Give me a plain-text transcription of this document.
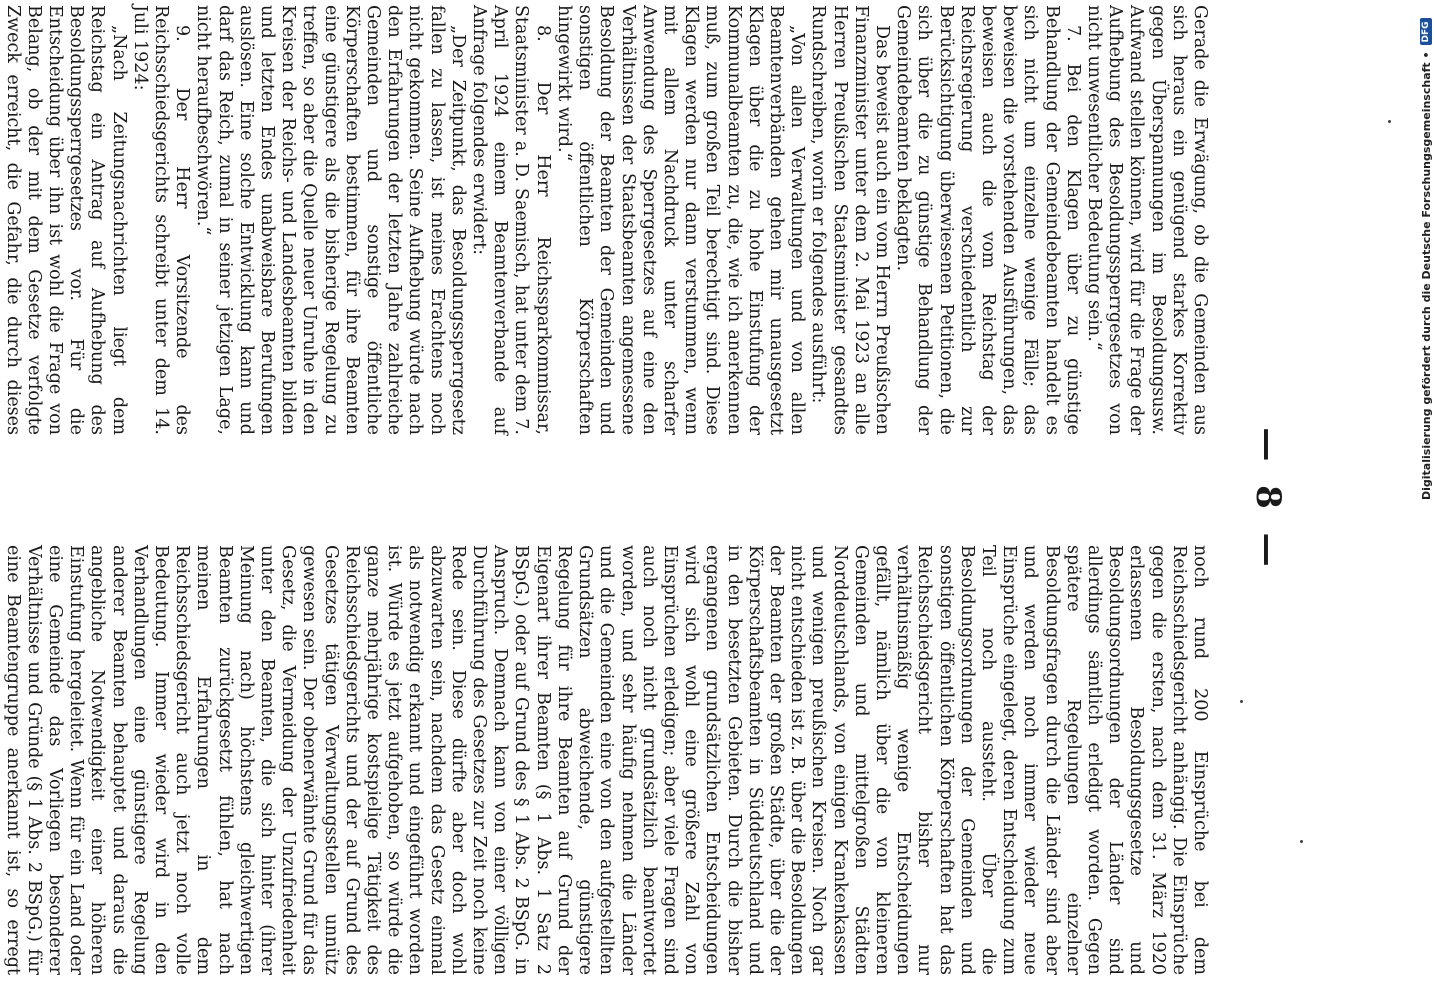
— 8 —

Gerade die Erwägung, ob die Gemeinden aus sich heraus ein genügend starkes Korrektiv gegen Überspannungen im Besoldungsusw. Aufwand stellen können, wird für die Frage der Aufhebung des Besoldungssperrgesetzes von nicht unwesentlicher Bedeutung sein.“

7. Bei den Klagen über zu günstige Behandlung der Gemeindebeamten handelt es sich nicht um einzelne wenige Fälle; das beweisen die vorstehenden Ausführungen, das beweisen auch die vom Reichstag der Reichsregierung verschiedentlich zur Berücksichtigung überwiesenen Petitionen, die sich über die zu günstige Behandlung der Gemeindebeamten beklagten.

Das beweist auch ein vom Herrn Preußischen Finanzminister unter dem 2. Mai 1923 an alle Herren Preußischen Staatsminister gesandtes Rundschreiben, worin er folgendes ausführt:

„Von allen Verwaltungen und von allen Beamtenverbänden gehen mir unausgesetzt Klagen über die zu hohe Einstufung der Kommunalbeamten zu, die, wie ich anerkennen muß, zum großen Teil berechtigt sind. Diese Klagen werden nur dann verstummen, wenn mit allem Nachdruck unter scharfer Anwendung des Sperrgesetzes auf eine den Verhältnissen der Staatsbeamten angemessene Besoldung der Beamten der Gemeinden und sonstigen öffentlichen Körperschaften hingewirkt wird.“

8. Der Herr Reichssparkommissar, Staatsminister a. D. Saemisch, hat unter dem 7. April 1924 einem Beamtenverbande auf Anfrage folgendes erwidert:

„Der Zeitpunkt, das Besoldungssperrgesetz fallen zu lassen, ist meines Erachtens noch nicht gekommen. Seine Aufhebung würde nach den Erfahrungen der letzten Jahre zahlreiche Gemeinden und sonstige öffentliche Körperschaften bestimmen, für ihre Beamten eine günstigere als die bisherige Regelung zu treffen, so aber die Quelle neuer Unruhe in den Kreisen der Reichs- und Landesbeamten bilden und letzten Endes unabweisbare Berufungen auslösen. Eine solche Entwicklung kann und darf das Reich, zumal in seiner jetzigen Lage, nicht heraufbeschwören.“

9. Der Herr Vorsitzende des Reichsschiedsgerichts schreibt unter dem 14. Juli 1924:

„Nach Zeitungsnachrichten liegt dem Reichstag ein Antrag auf Aufhebung des Besoldungssperrgesetzes vor. Für die Entscheidung über ihn ist wohl die Frage von Belang, ob der mit dem Gesetze verfolgte Zweck erreicht, die Gefahr, die durch dieses

noch rund 200 Einsprüche bei dem Reichsschiedsgericht anhängig. Die Einsprüche gegen die ersten, nach dem 31. März 1920 erlassenen Besoldungsgesetze und Besoldungsordnungen der Länder sind allerdings sämtlich erledigt worden. Gegen spätere Regelungen einzelner Besoldungsfragen durch die Länder sind aber und werden noch immer wieder neue Einsprüche eingelegt, deren Entscheidung zum Teil noch aussteht. Über die Besoldungsordnungen der Gemeinden und sonstigen öffentlichen Körperschaften hat das Reichsschiedsgericht bisher nur verhältnismäßig wenige Entscheidungen gefällt, nämlich über die von kleineren Gemeinden und mittelgroßen Städten Norddeutschlands, von einigen Krankenkassen und wenigen preußischen Kreisen. Noch gar nicht entschieden ist z. B. über die Besoldungen der Beamten der großen Städte, über die der Körperschaftsbeamten in Süddeutschland und in den besetzten Gebieten. Durch die bisher ergangenen grundsätzlichen Entscheidungen wird sich wohl eine größere Zahl von Einsprüchen erledigen; aber viele Fragen sind auch noch nicht grundsätzlich beantwortet worden, und sehr häufig nehmen die Länder und die Gemeinden eine von den aufgestellten Grundsätzen abweichende, günstigere Regelung für ihre Beamten auf Grund der Eigenart ihrer Beamten (§ 1 Abs. 1 Satz 2 BSpG.) oder auf Grund des § 1 Abs. 2 BSpG. in Anspruch. Demnach kann von einer völligen Durchführung des Gesetzes zur Zeit noch keine Rede sein. Diese dürfte aber doch wohl abzuwarten sein, nachdem das Gesetz einmal als notwendig erkannt und eingeführt worden ist. Würde es jetzt aufgehoben, so würde die ganze mehrjährige kostspielige Tätigkeit des Reichsschiedsgerichts und der auf Grund des Gesetzes tätigen Verwaltungsstellen unnütz gewesen sein. Der obenerwähnte Grund für das Gesetz, die Vermeidung der Unzufriedenheit unter den Beamten, die sich hinter (ihrer Meinung nach) höchstens gleichwertigen Beamten zurückgesetzt fühlen, hat nach meinen Erfahrungen in dem Reichsschiedsgericht auch jetzt noch volle Bedeutung. Immer wieder wird in den Verhandlungen eine günstigere Regelung anderer Beamten behauptet und daraus die angebliche Notwendigkeit einer höheren Einstufung hergeleitet. Wenn für ein Land oder eine Gemeinde das Vorliegen besonderer Verhältnisse und Gründe (§ 1 Abs. 2 BSpG.) für eine Beamtengruppe anerkannt ist, so erregt

Digitalisierung gefördert durch die Deutsche Forschungsgemeinschaft •
DFG
